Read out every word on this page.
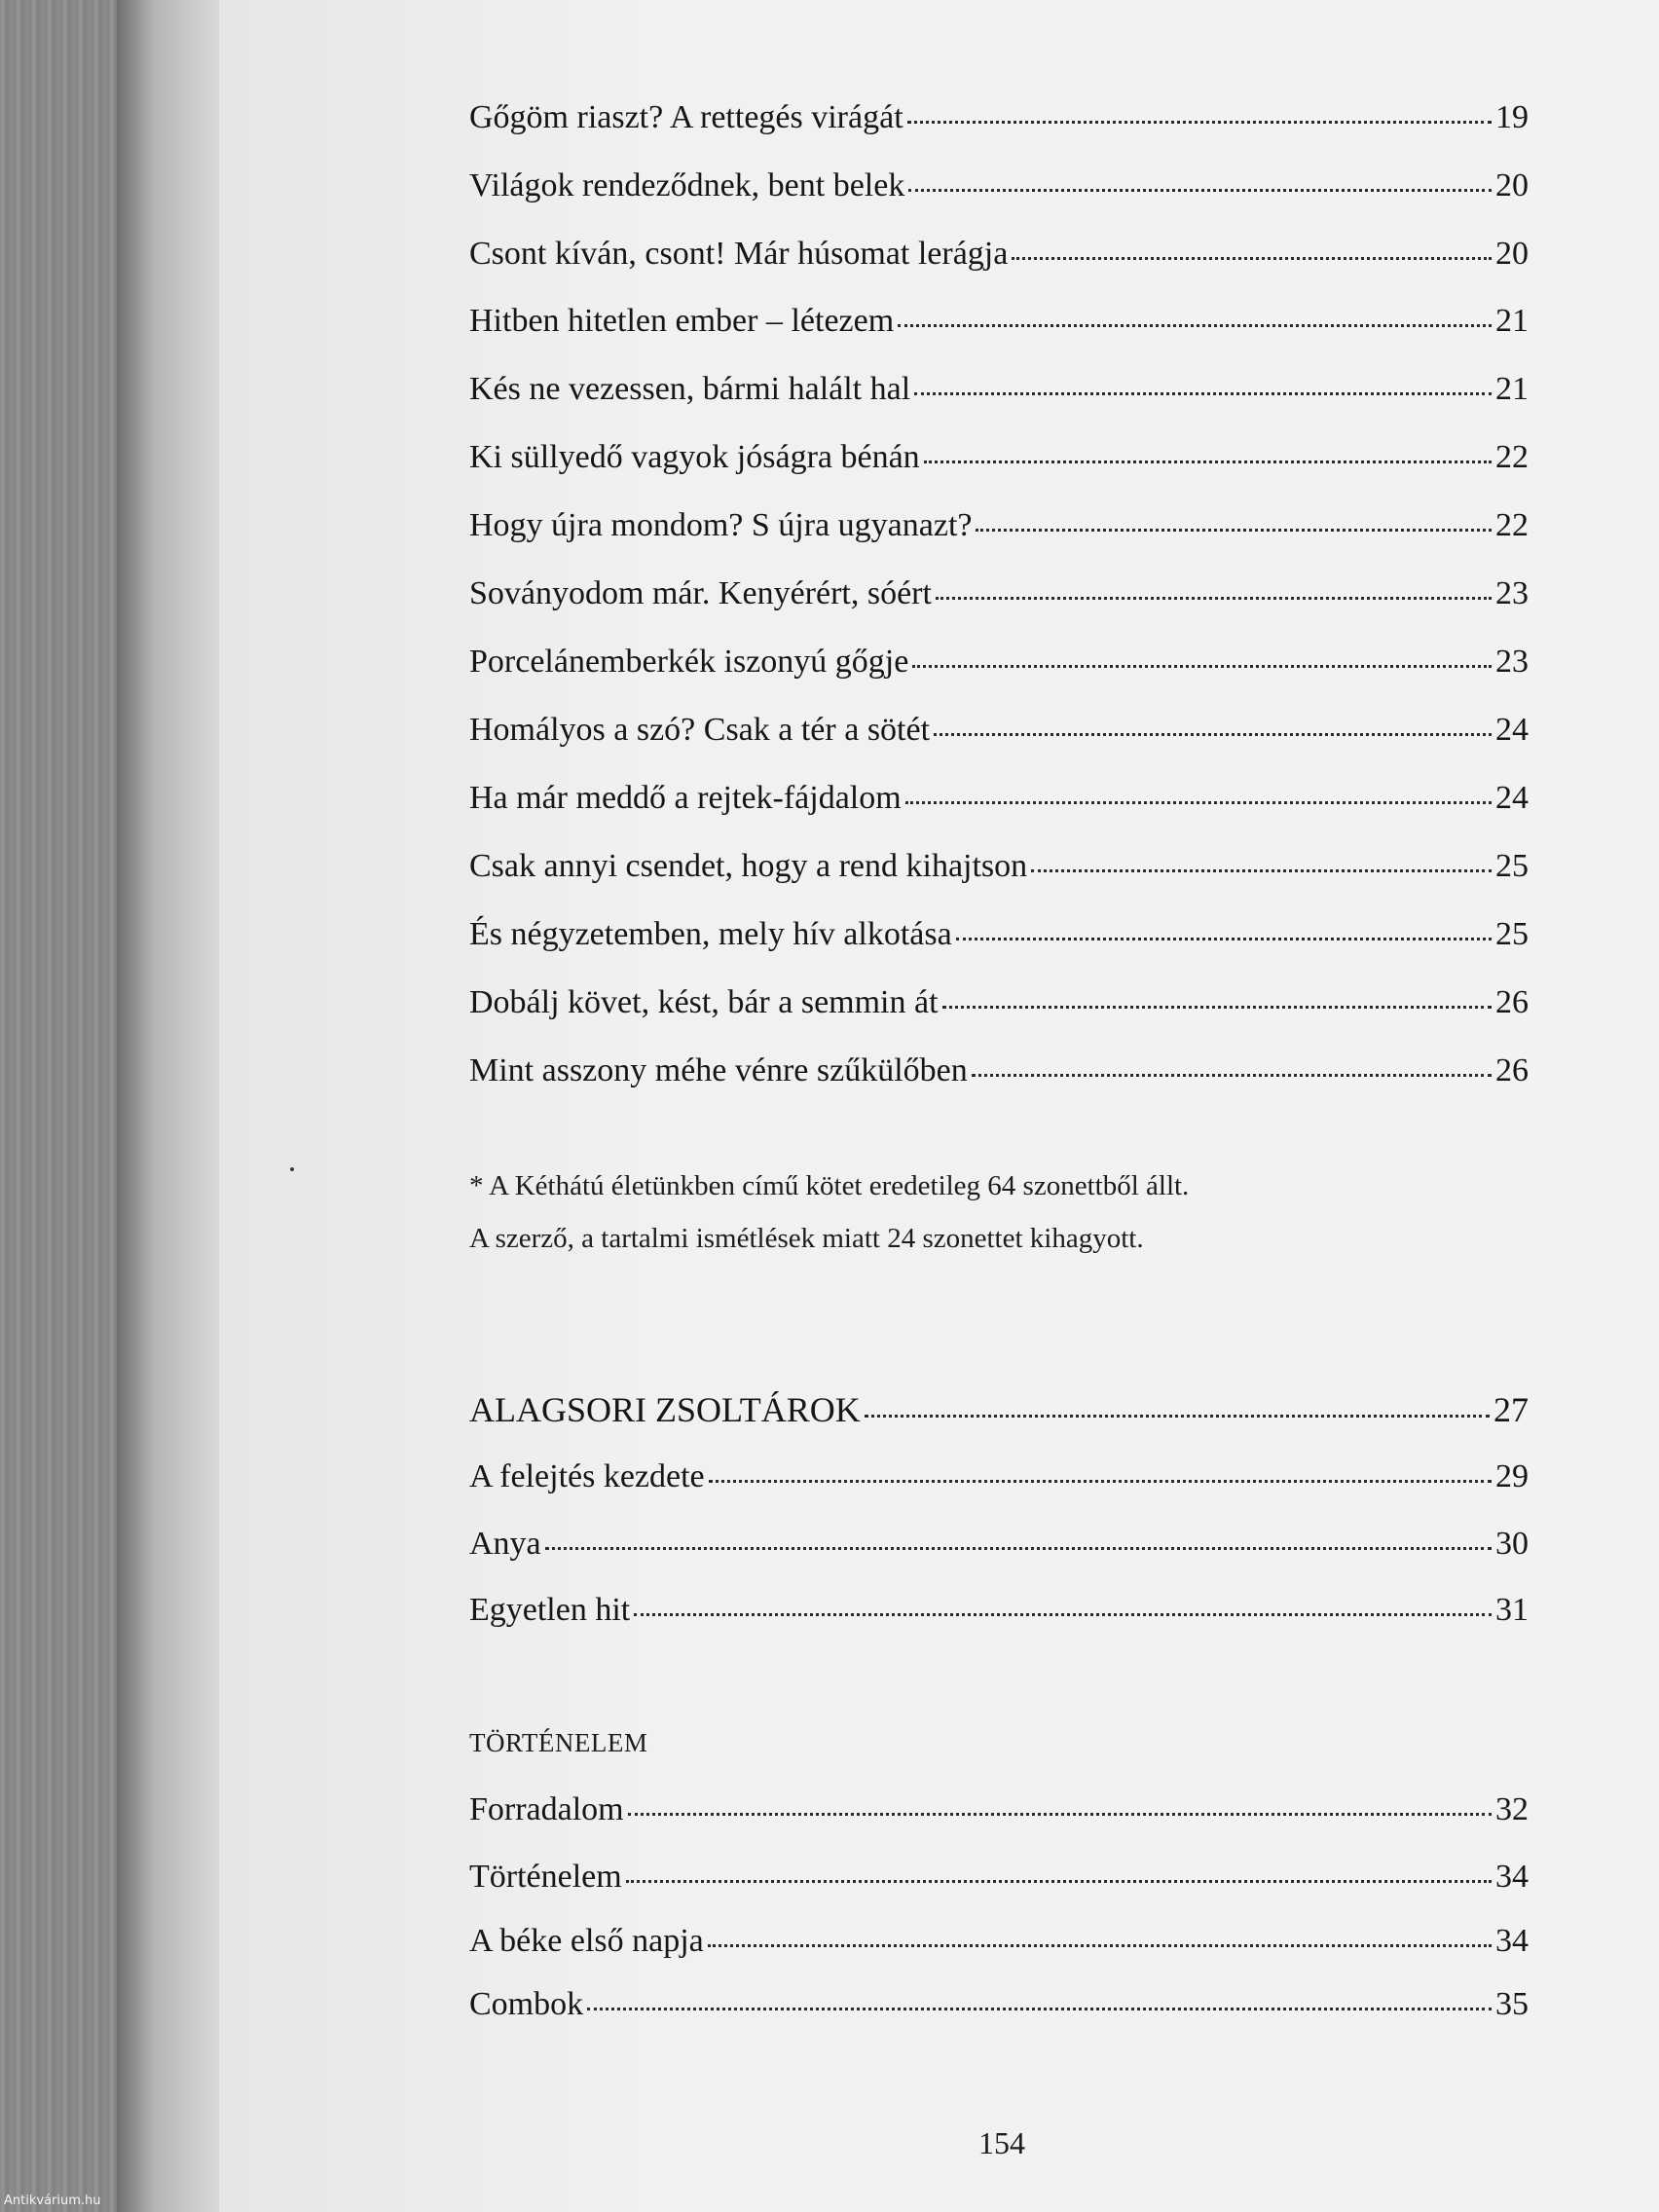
Gőgöm riaszt? A rettegés virágát	19
Világok rendeződnek, bent belek	20
Csont kíván, csont! Már húsomat lerágja	20
Hitben hitetlen ember – létezem	21
Kés ne vezessen, bármi halált hal	21
Ki süllyedő vagyok jóságra bénán	22
Hogy újra mondom? S újra ugyanazt?	22
Soványodom már. Kenyérért, sóért	23
Porcelánemberkék iszonyú gőgje	23
Homályos a szó? Csak a tér a sötét	24
Ha már meddő a rejtek-fájdalom	24
Csak annyi csendet, hogy a rend kihajtson	25
És négyzetemben, mely hív alkotása	25
Dobálj követ, kést, bár a semmin át	26
Mint asszony méhe vénre szűkülőben	26
* A Kéthátú életünkben című kötet eredetileg 64 szonettből állt.
A szerző, a tartalmi ismétlések miatt 24 szonettet kihagyott.
ALAGSORI ZSOLTÁROK	27
A felejtés kezdete	29
Anya	30
Egyetlen hit	31
TÖRTÉNELEM
Forradalom	32
Történelem	34
A béke első napja	34
Combok	35
154
Antikvárium.hu
